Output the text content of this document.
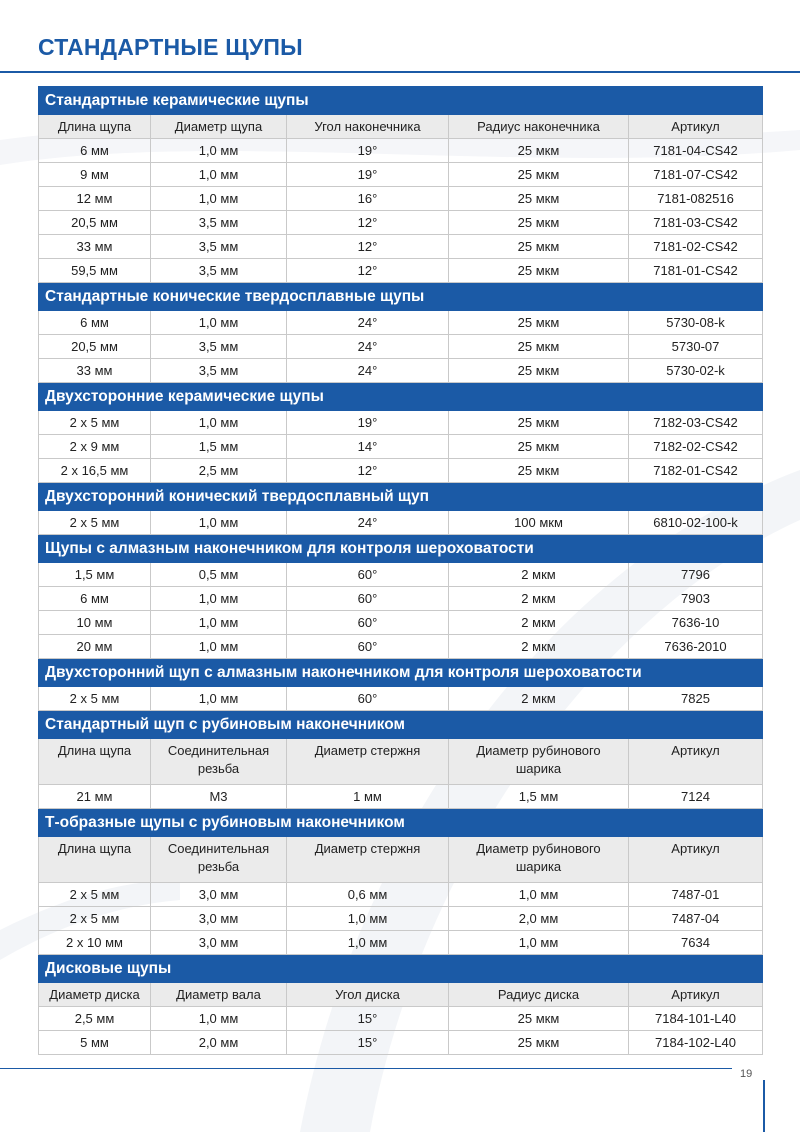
СТАНДАРТНЫЕ ЩУПЫ
Стандартные керамические щупы				
Длина щупа	Диаметр щупа	Угол наконечника	Радиус наконечника	Артикул
6 мм	1,0 мм	19°	25 мкм	7181-04-CS42
9 мм	1,0 мм	19°	25 мкм	7181-07-CS42
12 мм	1,0 мм	16°	25 мкм	7181-082516
20,5 мм	3,5 мм	12°	25 мкм	7181-03-CS42
33 мм	3,5 мм	12°	25 мкм	7181-02-CS42
59,5 мм	3,5 мм	12°	25 мкм	7181-01-CS42
Стандартные конические твердосплавные щупы				
6 мм	1,0 мм	24°	25 мкм	5730-08-k
20,5 мм	3,5 мм	24°	25 мкм	5730-07
33 мм	3,5 мм	24°	25 мкм	5730-02-k
Двухсторонние керамические щупы				
2 x 5 мм	1,0 мм	19°	25 мкм	7182-03-CS42
2 x 9 мм	1,5 мм	14°	25 мкм	7182-02-CS42
2 x 16,5 мм	2,5 мм	12°	25 мкм	7182-01-CS42
Двухсторонний конический твердосплавный щуп				
2 x 5 мм	1,0 мм	24°	100 мкм	6810-02-100-k
Щупы с алмазным наконечником для контроля шероховатости				
1,5 мм	0,5 мм	60°	2 мкм	7796
6 мм	1,0 мм	60°	2 мкм	7903
10 мм	1,0 мм	60°	2 мкм	7636-10
20 мм	1,0 мм	60°	2 мкм	7636-2010
Двухсторонний щуп с алмазным наконечником для контроля шероховатости				
2 x 5 мм	1,0 мм	60°	2 мкм	7825
Стандартный щуп с рубиновым наконечником				
Длина щупа	Соединительная резьба	Диаметр стержня	Диаметр рубинового шарика	Артикул
21 мм	M3	1 мм	1,5 мм	7124
Т-образные щупы с рубиновым наконечником				
Длина щупа	Соединительная резьба	Диаметр стержня	Диаметр рубинового шарика	Артикул
2 x 5 мм	3,0 мм	0,6 мм	1,0 мм	7487-01
2 x 5 мм	3,0 мм	1,0 мм	2,0 мм	7487-04
2 x 10 мм	3,0 мм	1,0 мм	1,0 мм	7634
Дисковые щупы				
Диаметр диска	Диаметр вала	Угол диска	Радиус диска	Артикул
2,5 мм	1,0 мм	15°	25 мкм	7184-101-L40
5 мм	2,0 мм	15°	25 мкм	7184-102-L40
19
